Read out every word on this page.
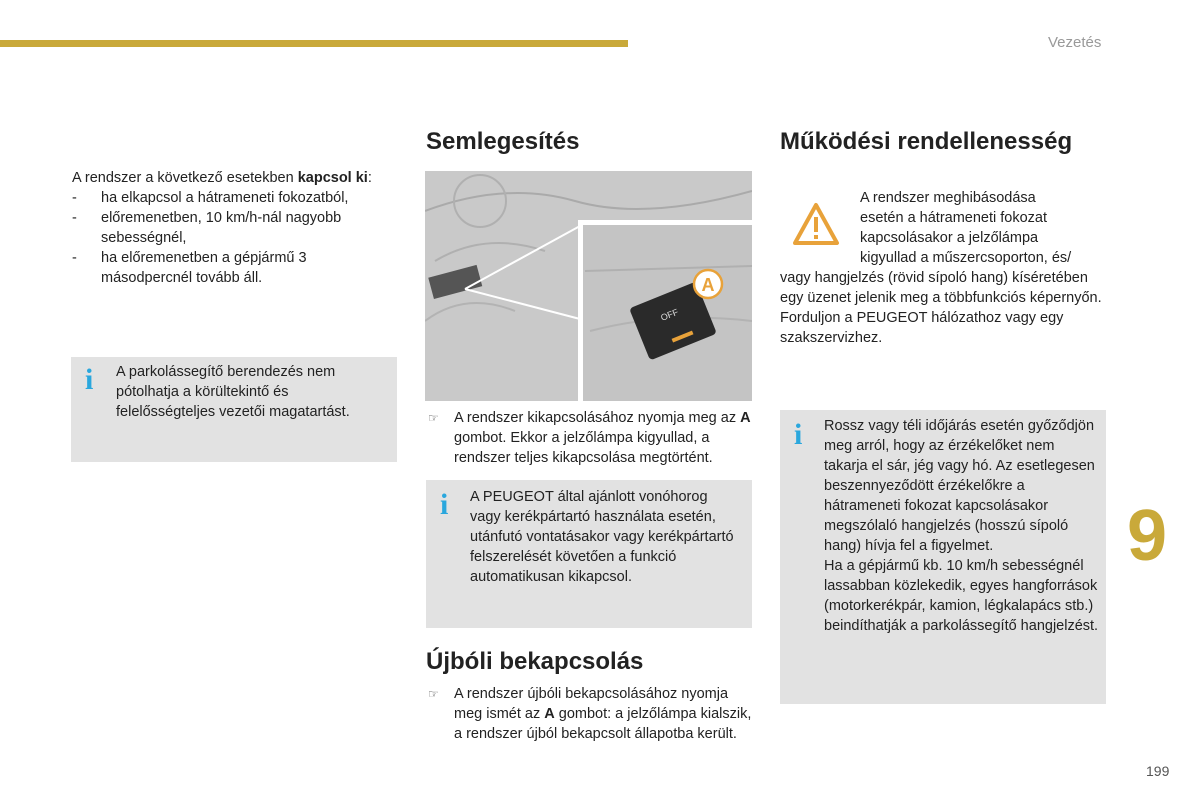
Vezetés
9
199

A rendszer a következő esetekben kapcsol ki:

- ha elkapcsol a hátrameneti fokozatból,
- előremenetben, 10 km/h-nál nagyobb sebességnél,
- ha előremenetben a gépjármű 3 másodpercnél tovább áll.
i A parkolássegítő berendezés nem pótolhatja a körültekintő és felelősségteljes vezetői magatartást.

Semlegesítés
OFF
A
☞ A rendszer kikapcsolásához nyomja meg az A gombot. Ekkor a jelzőlámpa kigyullad, a rendszer teljes kikapcsolása megtörtént.
i A PEUGEOT által ajánlott vonóhorog vagy kerékpártartó használata esetén, utánfutó vontatásakor vagy kerékpártartó felszerelését követően a funkció automatikusan kikapcsol.

Újbóli bekapcsolás
☞ A rendszer újbóli bekapcsolásához nyomja meg ismét az A gombot: a jelzőlámpa kialszik, a rendszer újból bekapcsolt állapotba került.
Működési rendellenesség

A rendszer meghibásodása

esetén a hátrameneti fokozat

kapcsolásakor a jelzőlámpa

kigyullad a műszercsoporton, és/

vagy hangjelzés (rövid sípoló hang) kíséretében egy üzenet jelenik meg a többfunkciós képernyőn.

Forduljon a PEUGEOT hálózathoz vagy egy szakszervizhez.

i Rossz vagy téli időjárás esetén győződjön meg arról, hogy az érzékelőket nem takarja el sár, jég vagy hó. Az esetlegesen beszennyeződött érzékelőkre a hátrameneti fokozat kapcsolásakor megszólaló hangjelzés (hosszú sípoló hang) hívja fel a figyelmet.

Ha a gépjármű kb. 10 km/h sebességnél lassabban közlekedik, egyes hangforrások (motorkerékpár, kamion, légkalapács stb.) beindíthatják a parkolássegítő hangjelzést.
